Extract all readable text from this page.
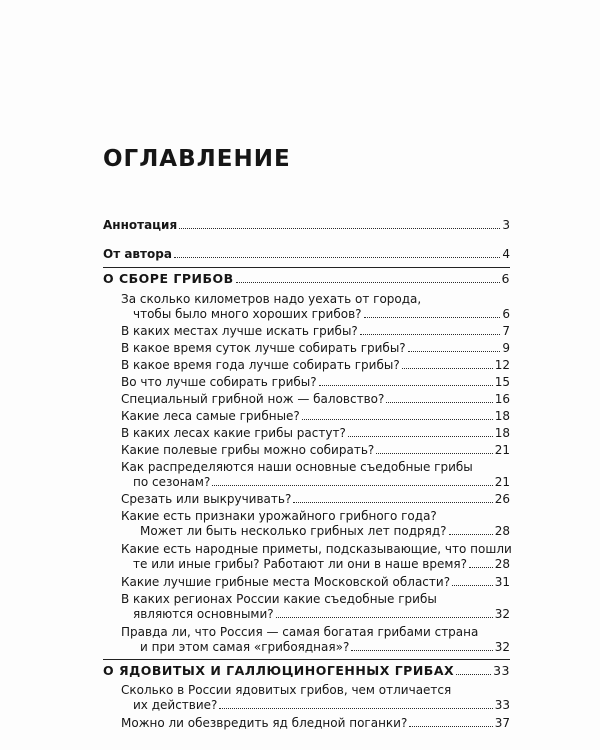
ОГЛАВЛЕНИЕ
Аннотация	3
От автора	4
О СБОРЕ ГРИБОВ	6
За сколько километров надо уехать от города,
чтобы было много хороших грибов?	6
В каких местах лучше искать грибы?	7
В какое время суток лучше собирать грибы?	9
В какое время года лучше собирать грибы?	12
Во что лучше собирать грибы?	15
Специальный грибной нож — баловство?	16
Какие леса самые грибные?	18
В каких лесах какие грибы растут?	18
Какие полевые грибы можно собирать?	21
Как распределяются наши основные съедобные грибы
по сезонам?	21
Срезать или выкручивать?	26
Какие есть признаки урожайного грибного года?
Может ли быть несколько грибных лет подряд?	28
Какие есть народные приметы, подсказывающие, что пошли
те или иные грибы? Работают ли они в наше время? 28
Какие лучшие грибные места Московской области?	31
В каких регионах России какие съедобные грибы
являются основными?	32
Правда ли, что Россия — самая богатая грибами страна
и при этом самая «грибоядная»?	32
О ЯДОВИТЫХ И ГАЛЛЮЦИНОГЕННЫХ ГРИБАХ	33
Сколько в России ядовитых грибов, чем отличается
их действие?	33
Можно ли обезвредить яд бледной поганки?	37
